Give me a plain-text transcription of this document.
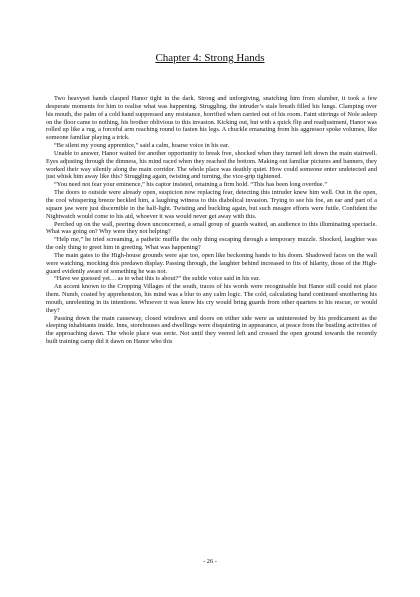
Chapter 4: Strong Hands

Two heavyset hands clasped Hanor tight in the dark. Strong and unforgiving, snatching him from slumber, it took a few desperate moments for him to realise what was happening. Struggling, the intruder’s stale breath filled his lungs. Clamping over his mouth, the palm of a cold hand suppressed any resistance, horrified when carried out of his room. Faint stirrings of Nole asleep on the floor came to nothing, his brother oblivious to this invasion. Kicking out, but with a quick flip and readjustment, Hanor was rolled up like a rug, a forceful arm reaching round to fasten his legs. A chuckle emanating from his aggressor spoke volumes, like someone familiar playing a trick.

“Be silent my young apprentice,” said a calm, hoarse voice in his ear.

Unable to answer, Hanor waited for another opportunity to break free, shocked when they turned left down the main stairwell. Eyes adjusting through the dimness, his mind raced when they reached the bottom. Making out familiar pictures and banners, they worked their way silently along the main corridor. The whole place was deathly quiet. How could someone enter undetected and just whisk him away like this? Struggling again, twisting and turning, the vice-grip tightened.

“You need not fear your eminence,” his captor insisted, retaining a firm hold. “This has been long overdue.”

The doors to outside were already open, suspicion now replacing fear, detecting this intruder knew him well. Out in the open, the cool whispering breeze heckled him, a laughing witness to this diabolical invasion. Trying to see his foe, an ear and part of a square jaw were just discernible in the half-light. Twisting and buckling again, but such meagre efforts were futile. Confident the Nightwatch would come to his aid, whoever it was would never get away with this.

Perched up on the wall, peering down unconcerned, a small group of guards waited, an audience to this illuminating spectacle. What was going on? Why were they not helping?

“Help me,” he tried screaming, a pathetic muffle the only thing escaping through a temporary muzzle. Shocked, laughter was the only thing to greet him in greeting. What was happening?

The main gates to the High-house grounds were ajar too, open like beckoning hands to his doom. Shadowed faces on the wall were watching, mocking this predawn display. Passing through, the laughter behind increased to fits of hilarity, those of the High-guard evidently aware of something he was not.

“Have we guessed yet… as to what this is about?” the subtle voice said in his ear.

An accent known to the Cropping Villages of the south, traces of his words were recognisable but Hanor still could not place them. Numb, coated by apprehension, his mind was a blur to any calm logic. The cold, calculating hand continued smothering his mouth, unrelenting in its intentions. Whoever it was knew his cry would bring guards from other quarters to his rescue, or would they?

Passing down the main causeway, closed windows and doors on either side were as uninterested by his predicament as the sleeping inhabitants inside. Inns, storehouses and dwellings were disquieting in appearance, at peace from the bustling activities of the approaching dawn. The whole place was eerie. Not until they veered left and crossed the open ground towards the recently built training camp did it dawn on Hanor who this

- 26 -
